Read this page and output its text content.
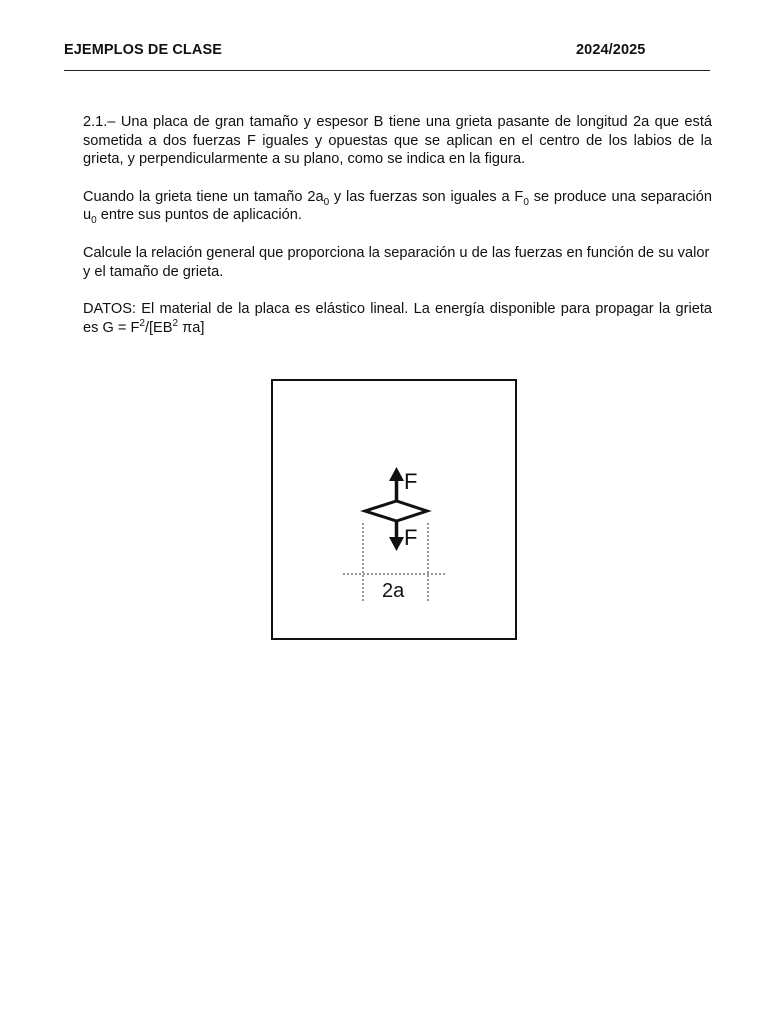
EJEMPLOS DE CLASE	2024/2025

2.1.– Una placa de gran tamaño y espesor B tiene una grieta pasante de longitud 2a que está sometida a dos fuerzas F iguales y opuestas que se aplican en el centro de los labios de la grieta, y perpendicularmente a su plano, como se indica en la figura.

Cuando la grieta tiene un tamaño $2a_0$ y las fuerzas son iguales a $F_0$ se produce una separación $u_0$ entre sus puntos de aplicación.

Calcule la relación general que proporciona la separación u de las fuerzas en función de su valor y el tamaño de grieta.

DATOS: El material de la placa es elástico lineal. La energía disponible para propagar la grieta es $G = F^2/[EB^2$ πa]

F
F
2a
